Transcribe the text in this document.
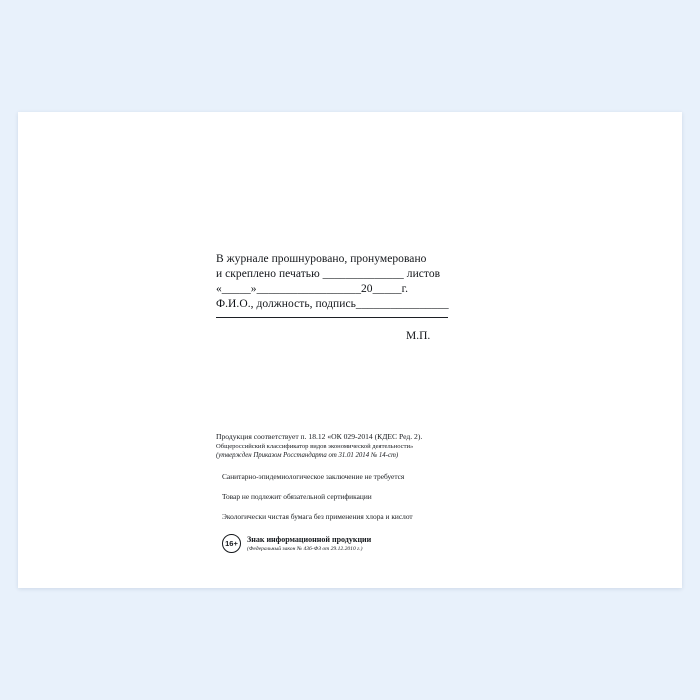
В журнале прошнуровано, пронумеровано
и скреплено печатью ______________ листов
«_____»__________________20_____г.
Ф.И.О., должность, подпись________________
М.П.
Продукция соответствует п. 18.12 «ОК 029-2014 (КДЕС Ред. 2).
Общероссийский классификатор видов экономической деятельности»
(утвержден Приказом Росстандарта от 31.01 2014 № 14-ст)
Санитарно-эпидемиологическое заключение не требуется
Товар не подлежит обязательной сертификации
Экологически чистая бумага без применения хлора и кислот
16+	Знак информационной продукции
(Федеральный закон № 436-ФЗ от 29.12.2010 г.)
